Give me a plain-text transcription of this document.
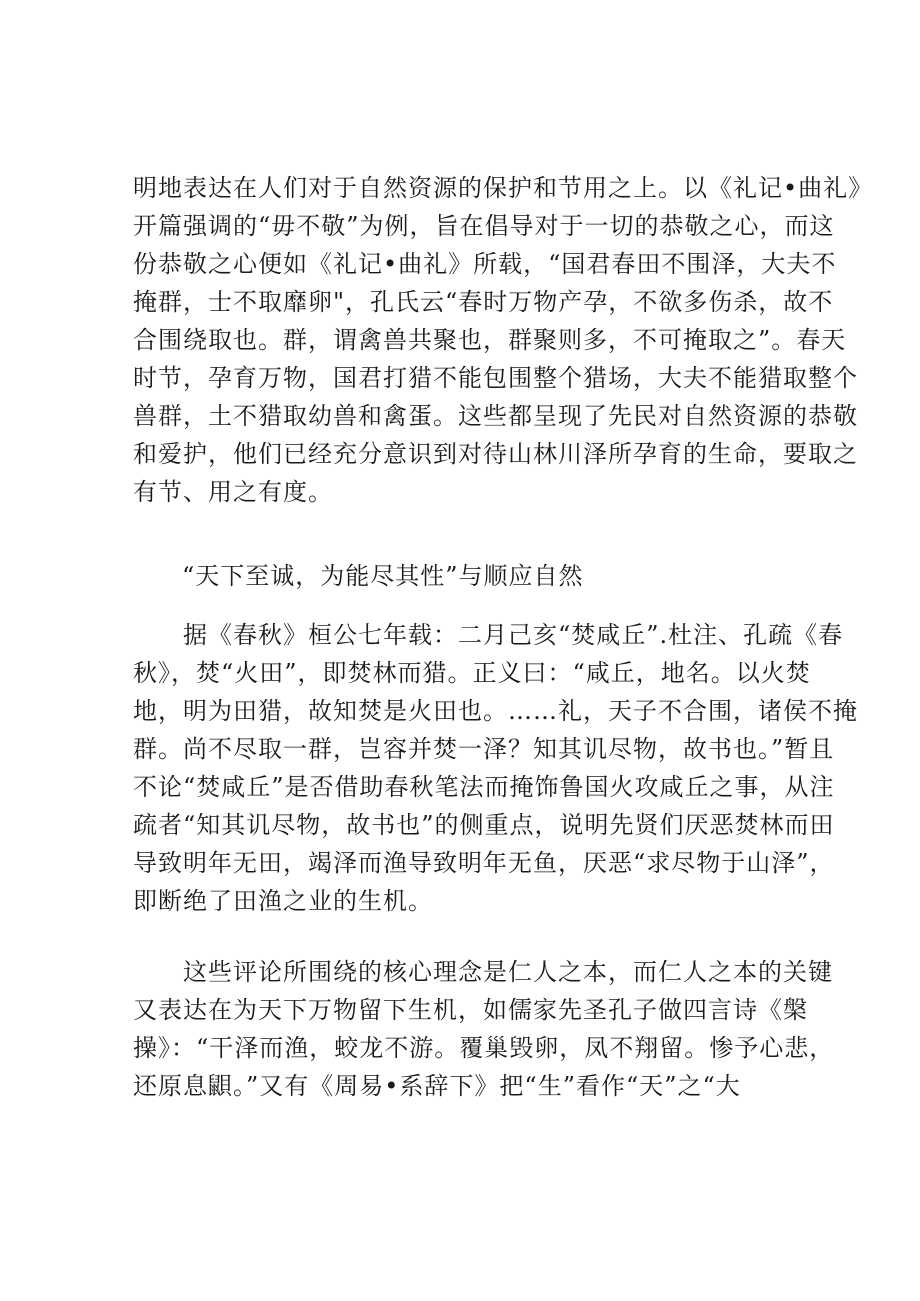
明地表达在人们对于自然资源的保护和节用之上。以《礼记•曲礼》
开篇强调的“毋不敬”为例，旨在倡导对于一切的恭敬之心，而这
份恭敬之心便如《礼记•曲礼》所载，“国君春田不围泽，大夫不
掩群，士不取靡卵"，孔氏云“春时万物产孕，不欲多伤杀，故不
合围绕取也。群，谓禽兽共聚也，群聚则多，不可掩取之”。春天
时节，孕育万物，国君打猎不能包围整个猎场，大夫不能猎取整个
兽群，土不猎取幼兽和禽蛋。这些都呈现了先民对自然资源的恭敬
和爱护，他们已经充分意识到对待山林川泽所孕育的生命，要取之
有节、用之有度。
“天下至诚，为能尽其性”与顺应自然
　　据《春秋》桓公七年载：二月己亥“焚咸丘”.杜注、孔疏《春
秋》，焚“火田”，即焚林而猎。正义曰：“咸丘，地名。以火焚
地，明为田猎，故知焚是火田也。……礼，天子不合围，诸侯不掩
群。尚不尽取一群，岂容并焚一泽？知其讥尽物，故书也。”暂且
不论“焚咸丘”是否借助春秋笔法而掩饰鲁国火攻咸丘之事，从注
疏者“知其讥尽物，故书也”的侧重点，说明先贤们厌恶焚林而田
导致明年无田，竭泽而渔导致明年无鱼，厌恶“求尽物于山泽”，
即断绝了田渔之业的生机。
　　这些评论所围绕的核心理念是仁人之本，而仁人之本的关键
又表达在为天下万物留下生机，如儒家先圣孔子做四言诗《槃
操》：“干泽而渔，蛟龙不游。覆巢毁卵，凤不翔留。惨予心悲，
还原息鼰。”又有《周易•系辞下》把“生”看作“天”之“大
